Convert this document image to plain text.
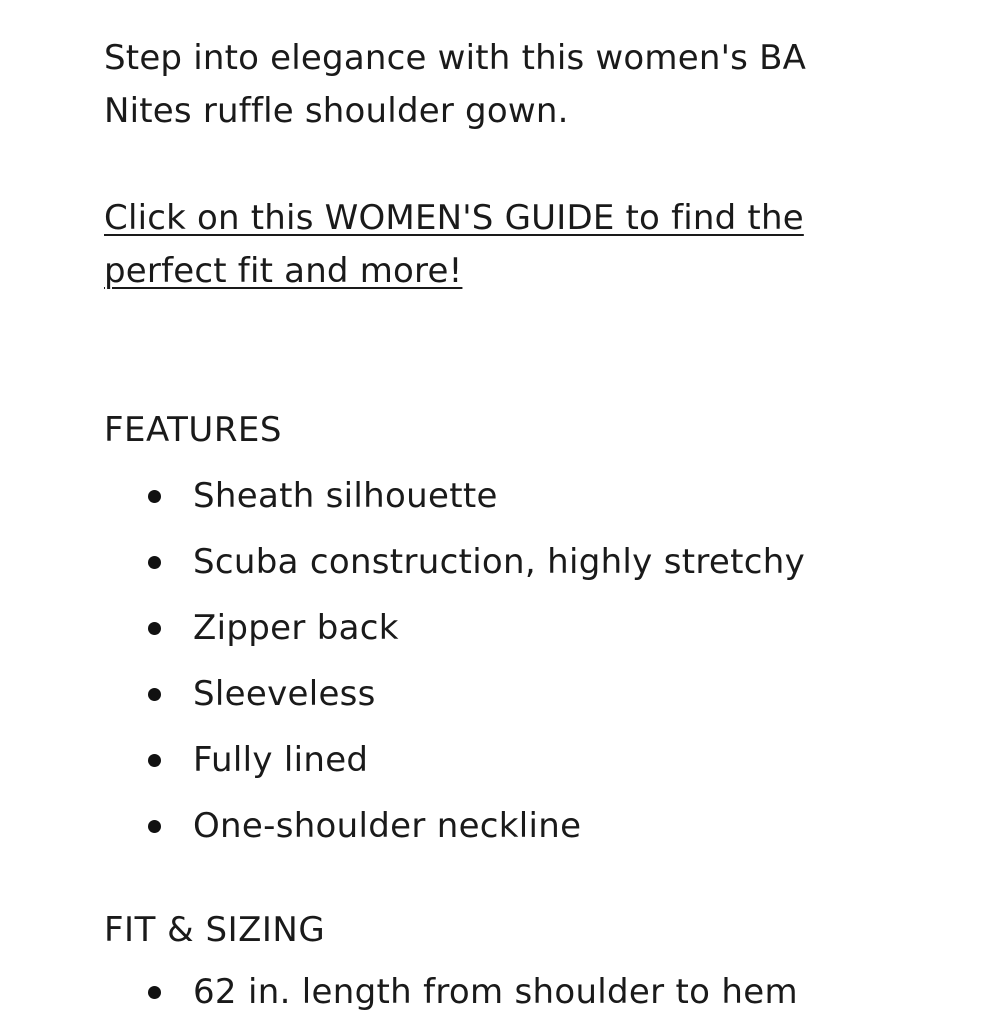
Step into elegance with this women's BA Nites ruffle shoulder gown.

Click on this WOMEN'S GUIDE to find the perfect fit and more!
FEATURES
Sheath silhouette
Scuba construction, highly stretchy
Zipper back
Sleeveless
Fully lined
One-shoulder neckline
FIT & SIZING
62 in. length from shoulder to hem
